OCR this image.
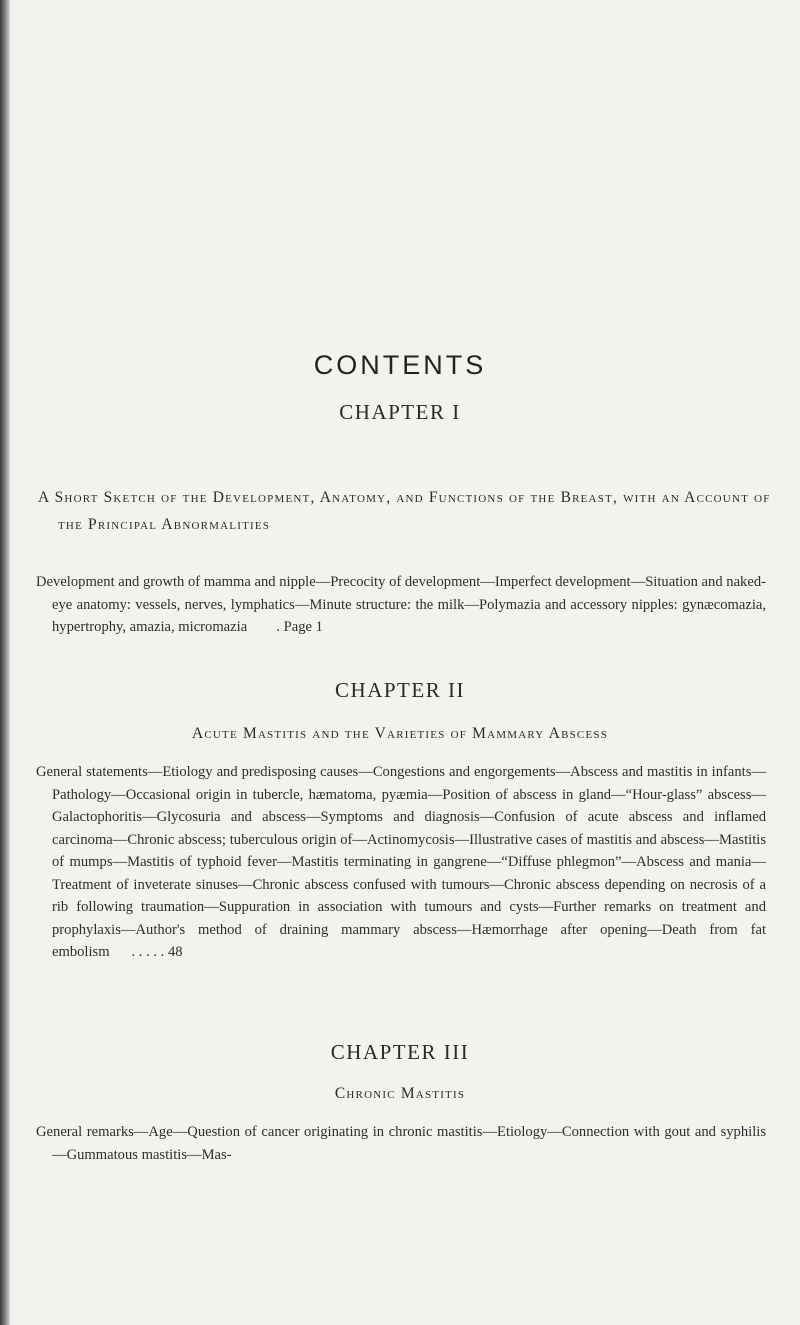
CONTENTS
CHAPTER I

A Short Sketch of the Development, Anatomy, and Functions of the Breast, with an Account of the Principal Abnormalities

Development and growth of mamma and nipple—Precocity of development—Imperfect development—Situation and naked-eye anatomy: vessels, nerves, lymphatics—Minute structure: the milk—Polymazia and accessory nipples: gynæcomazia, hypertrophy, amazia, micromazia . Page 1

CHAPTER II

Acute Mastitis and the Varieties of Mammary Abscess

General statements—Etiology and predisposing causes—Congestions and engorgements—Abscess and mastitis in infants—Pathology—Occasional origin in tubercle, hæmatoma, pyæmia—Position of abscess in gland—“Hour-glass” abscess—Galactophoritis—Glycosuria and abscess—Symptoms and diagnosis—Confusion of acute abscess and inflamed carcinoma—Chronic abscess; tuberculous origin of—Actinomycosis—Illustrative cases of mastitis and abscess—Mastitis of mumps—Mastitis of typhoid fever—Mastitis terminating in gangrene—“Diffuse phlegmon”—Abscess and mania—Treatment of inveterate sinuses—Chronic abscess confused with tumours—Chronic abscess depending on necrosis of a rib following traumation—Suppuration in association with tumours and cysts—Further remarks on treatment and prophylaxis—Author's method of draining mammary abscess—Hæmorrhage after opening—Death from fat embolism . . . . . 48

CHAPTER III

Chronic Mastitis

General remarks—Age—Question of cancer originating in chronic mastitis—Etiology—Connection with gout and syphilis—Gummatous mastitis—Mas-
